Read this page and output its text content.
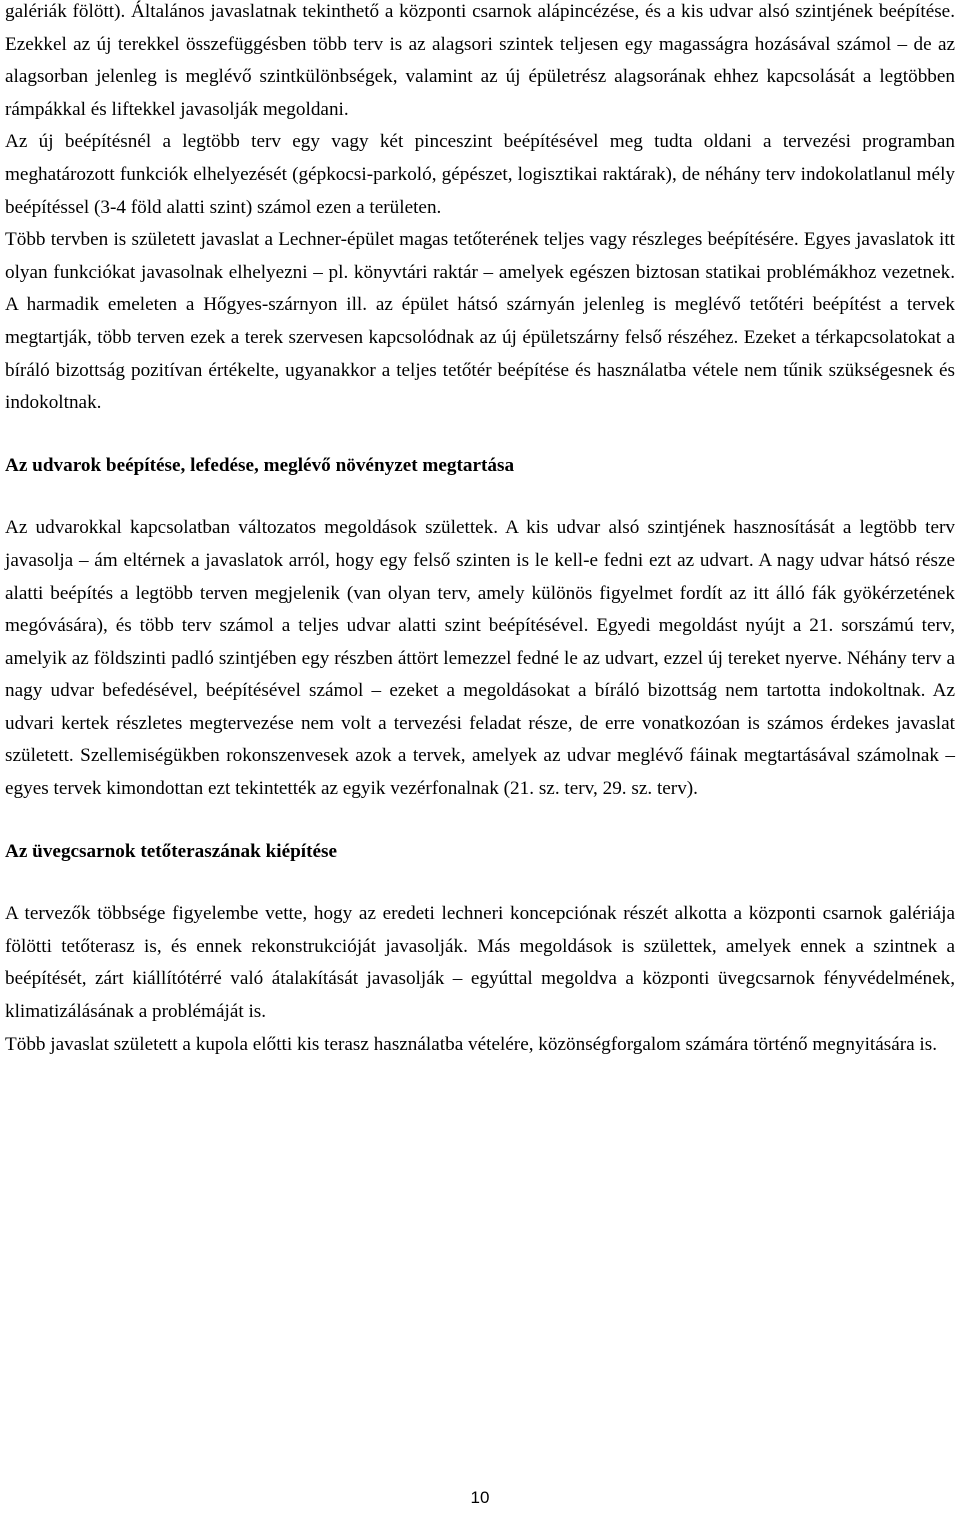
galériák fölött). Általános javaslatnak tekinthető a központi csarnok alápincézése, és a kis udvar alsó szintjének beépítése. Ezekkel az új terekkel összefüggésben több terv is az alagsori szintek teljesen egy magasságra hozásával számol – de az alagsorban jelenleg is meglévő szintkülönbségek, valamint az új épületrész alagsorának ehhez kapcsolását a legtöbben rámpákkal és liftekkel javasolják megoldani.

Az új beépítésnél a legtöbb terv egy vagy két pinceszint beépítésével meg tudta oldani a tervezési programban meghatározott funkciók elhelyezését (gépkocsi-parkoló, gépészet, logisztikai raktárak), de néhány terv indokolatlanul mély beépítéssel (3-4 föld alatti szint) számol ezen a területen.

Több tervben is született javaslat a Lechner-épület magas tetőterének teljes vagy részleges beépítésére. Egyes javaslatok itt olyan funkciókat javasolnak elhelyezni – pl. könyvtári raktár – amelyek egészen biztosan statikai problémákhoz vezetnek. A harmadik emeleten a Hőgyes-szárnyon ill. az épület hátsó szárnyán jelenleg is meglévő tetőtéri beépítést a tervek megtartják, több terven ezek a terek szervesen kapcsolódnak az új épületszárny felső részéhez. Ezeket a térkapcsolatokat a bíráló bizottság pozitívan értékelte, ugyanakkor a teljes tetőtér beépítése és használatba vétele nem tűnik szükségesnek és indokoltnak.

Az udvarok beépítése, lefedése, meglévő növényzet megtartása

Az udvarokkal kapcsolatban változatos megoldások születtek. A kis udvar alsó szintjének hasznosítását a legtöbb terv javasolja – ám eltérnek a javaslatok arról, hogy egy felső szinten is le kell-e fedni ezt az udvart. A nagy udvar hátsó része alatti beépítés a legtöbb terven megjelenik (van olyan terv, amely különös figyelmet fordít az itt álló fák gyökérzetének megóvására), és több terv számol a teljes udvar alatti szint beépítésével. Egyedi megoldást nyújt a 21. sorszámú terv, amelyik az földszinti padló szintjében egy részben áttört lemezzel fedné le az udvart, ezzel új tereket nyerve. Néhány terv a nagy udvar befedésével, beépítésével számol – ezeket a megoldásokat a bíráló bizottság nem tartotta indokoltnak. Az udvari kertek részletes megtervezése nem volt a tervezési feladat része, de erre vonatkozóan is számos érdekes javaslat született. Szellemiségükben rokonszenvesek azok a tervek, amelyek az udvar meglévő fáinak megtartásával számolnak – egyes tervek kimondottan ezt tekintették az egyik vezérfonalnak (21. sz. terv, 29. sz. terv).

Az üvegcsarnok tetőteraszának kiépítése

A tervezők többsége figyelembe vette, hogy az eredeti lechneri koncepciónak részét alkotta a központi csarnok galériája fölötti tetőterasz is, és ennek rekonstrukcióját javasolják. Más megoldások is születtek, amelyek ennek a szintnek a beépítését, zárt kiállítótérré való átalakítását javasolják – egyúttal megoldva a központi üvegcsarnok fényvédelmének, klimatizálásának a problémáját is.

Több javaslat született a kupola előtti kis terasz használatba vételére, közönségforgalom számára történő megnyitására is.

10
